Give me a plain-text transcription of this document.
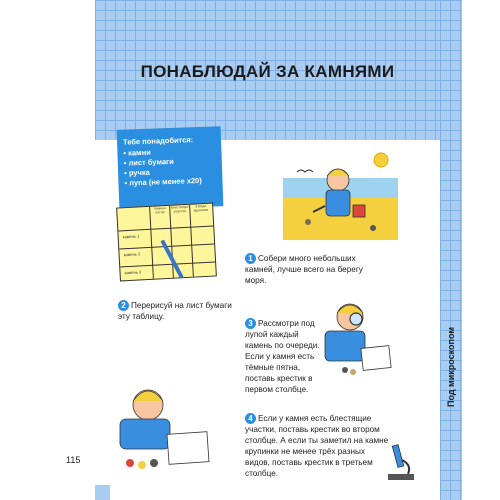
ПОНАБЛЮДАЙ ЗА КАМНЯМИ
Тебе понадобится:
• камни
• лист бумаги
• ручка
• лупа (не менее х20)
темные пятна
блестящие участки
3 вида крупинок
камень 1
камень 2
камень 3
1 Собери много небольших камней, лучше всего на берегу моря.
2 Перерисуй на лист бумаги эту таблицу.
3 Рассмотри под лупой каждый камень по очереди. Если у камня есть тёмные пятна, поставь крестик в первом столбце.
4 Если у камня есть блестящие участки, поставь крестик во втором столбце. А если ты заметил на камне крупинки не менее трёх разных видов, поставь крестик в третьем столбце.
Под микроскопом
115
